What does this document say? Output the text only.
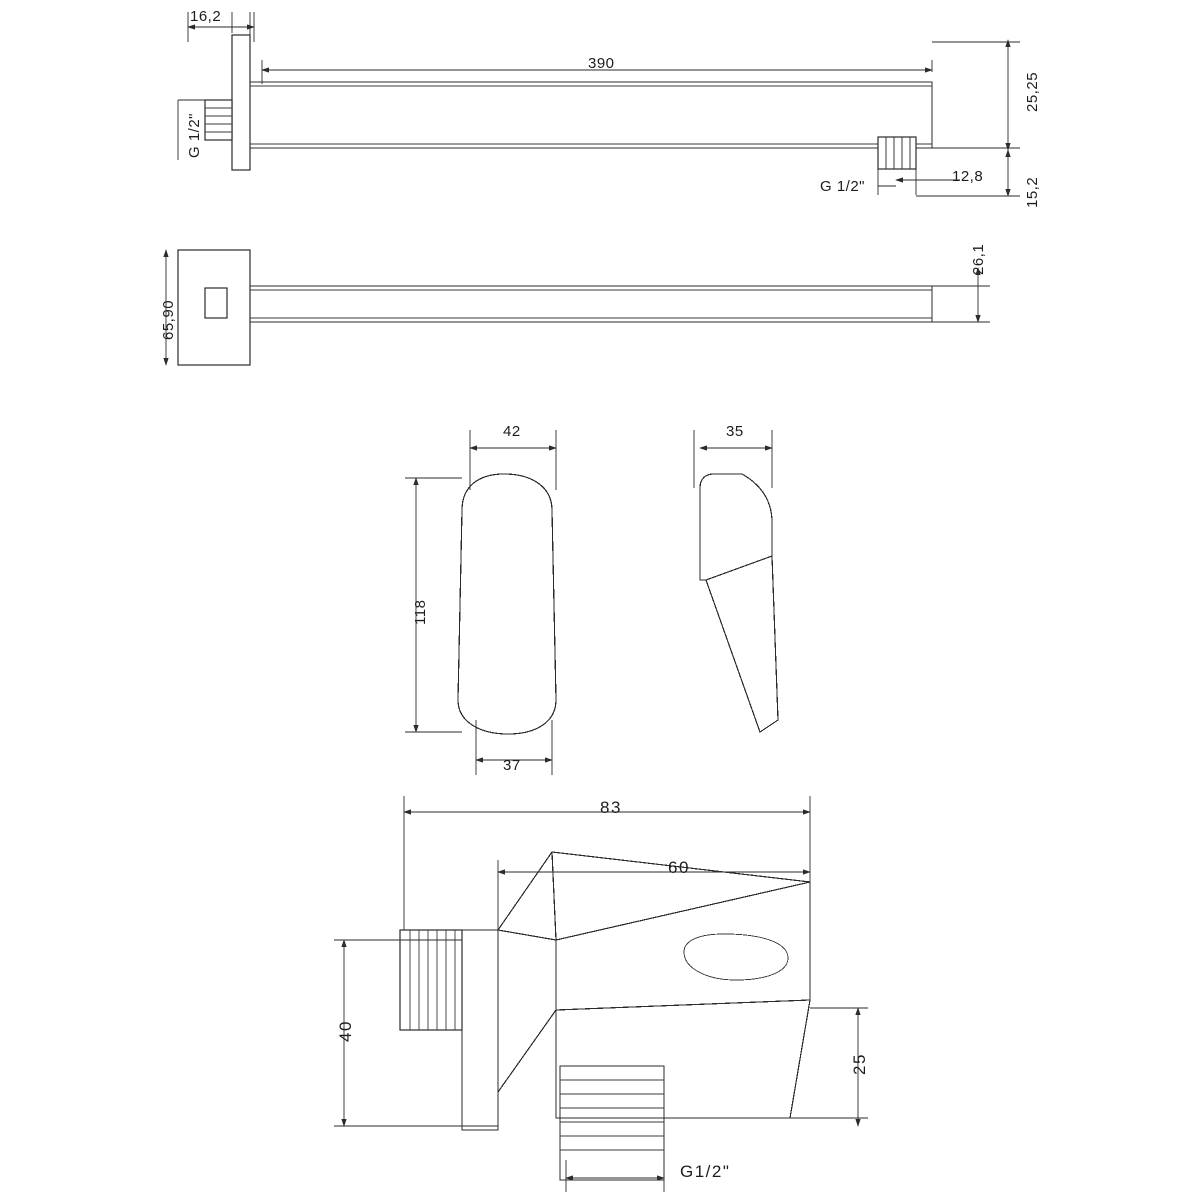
16,2
390
25,25
15,2
12,8
G 1/2"
G 1/2"
65,90
26,1
42
118
37
35
83
60
40
25
G1/2"
